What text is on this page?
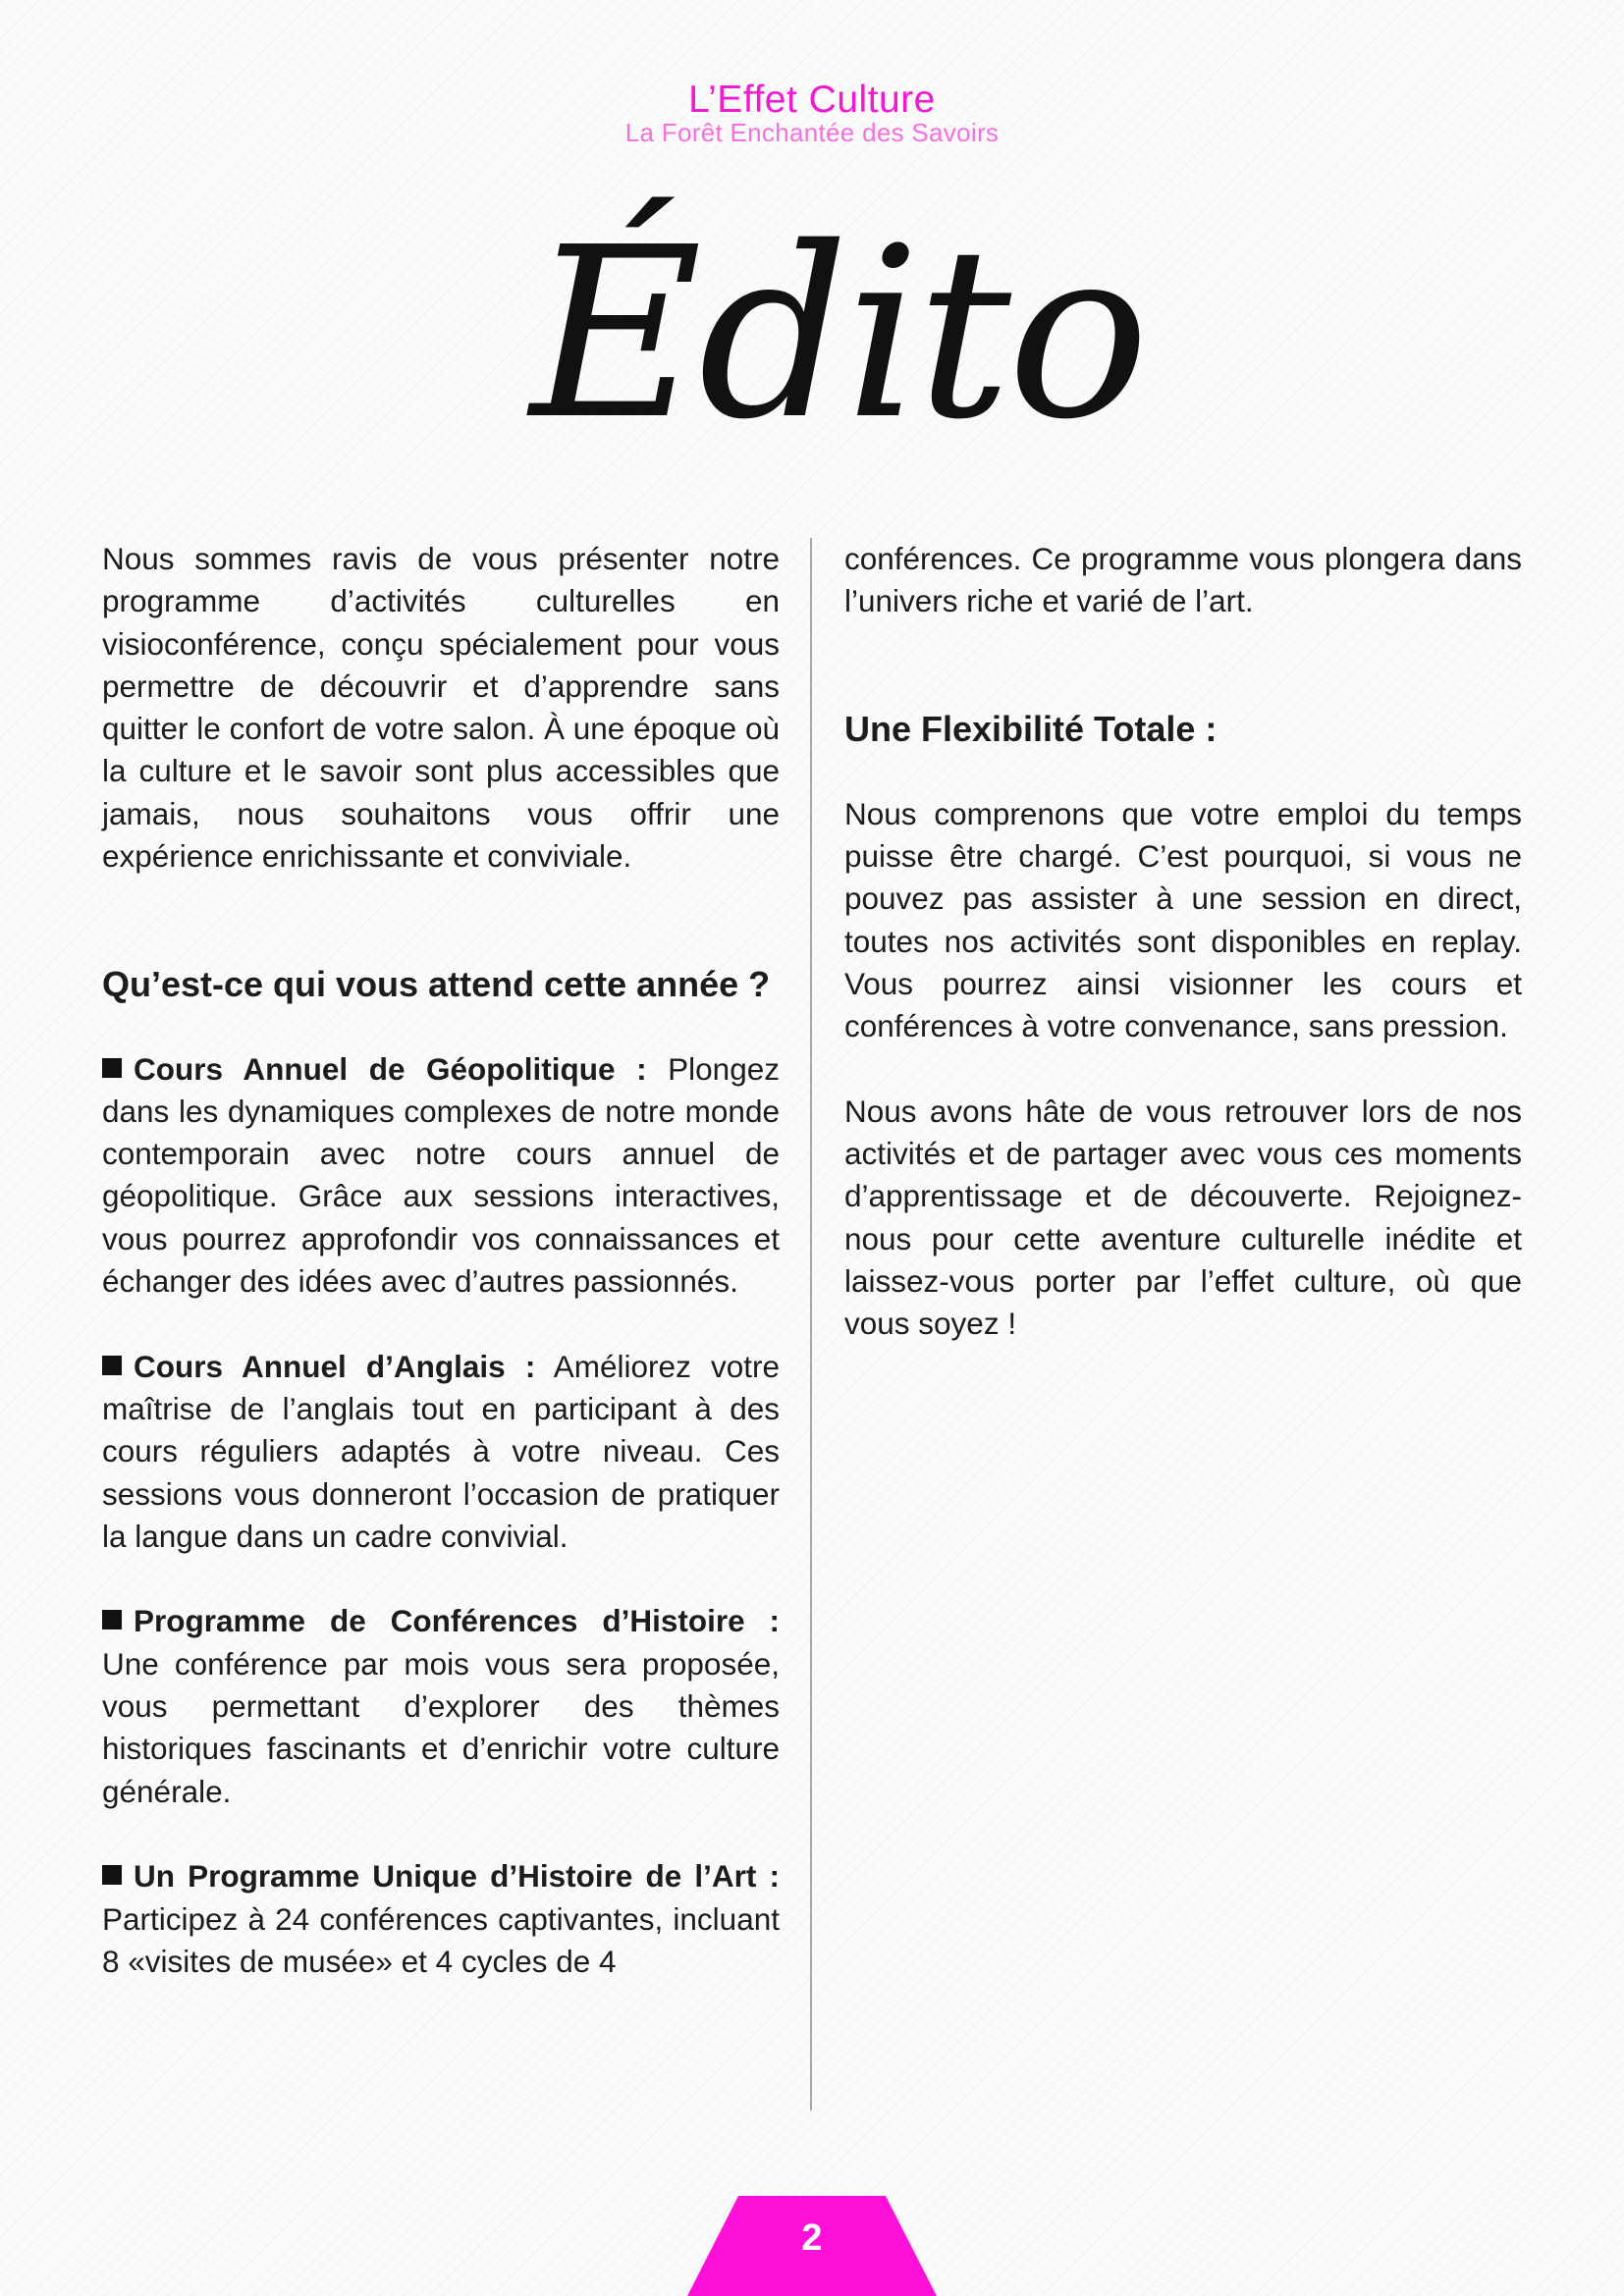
L’Effet Culture
La Forêt Enchantée des Savoirs
Édito

Nous sommes ravis de vous présenter notre programme d’activités culturelles en visioconférence, conçu spécialement pour vous permettre de découvrir et d’apprendre sans quitter le confort de votre salon. À une époque où la culture et le savoir sont plus accessibles que jamais, nous souhaitons vous offrir une expérience enrichissante et conviviale.

Qu’est-ce qui vous attend cette année ?

Cours Annuel de Géopolitique : Plongez dans les dynamiques complexes de notre monde contemporain avec notre cours annuel de géopolitique. Grâce aux sessions interactives, vous pourrez approfondir vos connaissances et échanger des idées avec d’autres passionnés.

Cours Annuel d’Anglais : Améliorez votre maîtrise de l’anglais tout en participant à des cours réguliers adaptés à votre niveau. Ces sessions vous donneront l’occasion de pratiquer la langue dans un cadre convivial.

Programme de Conférences d’Histoire : Une conférence par mois vous sera proposée, vous permettant d’explorer des thèmes historiques fascinants et d’enrichir votre culture générale.

Un Programme Unique d’Histoire de l’Art : Participez à 24 conférences captivantes, incluant 8 «visites de musée» et 4 cycles de 4

conférences. Ce programme vous plongera dans l’univers riche et varié de l’art.

Une Flexibilité Totale :

Nous comprenons que votre emploi du temps puisse être chargé. C’est pourquoi, si vous ne pouvez pas assister à une session en direct, toutes nos activités sont disponibles en replay. Vous pourrez ainsi visionner les cours et conférences à votre convenance, sans pression.

Nous avons hâte de vous retrouver lors de nos activités et de partager avec vous ces moments d’apprentissage et de découverte. Rejoignez-nous pour cette aventure culturelle inédite et laissez-vous porter par l’effet culture, où que vous soyez !

2
